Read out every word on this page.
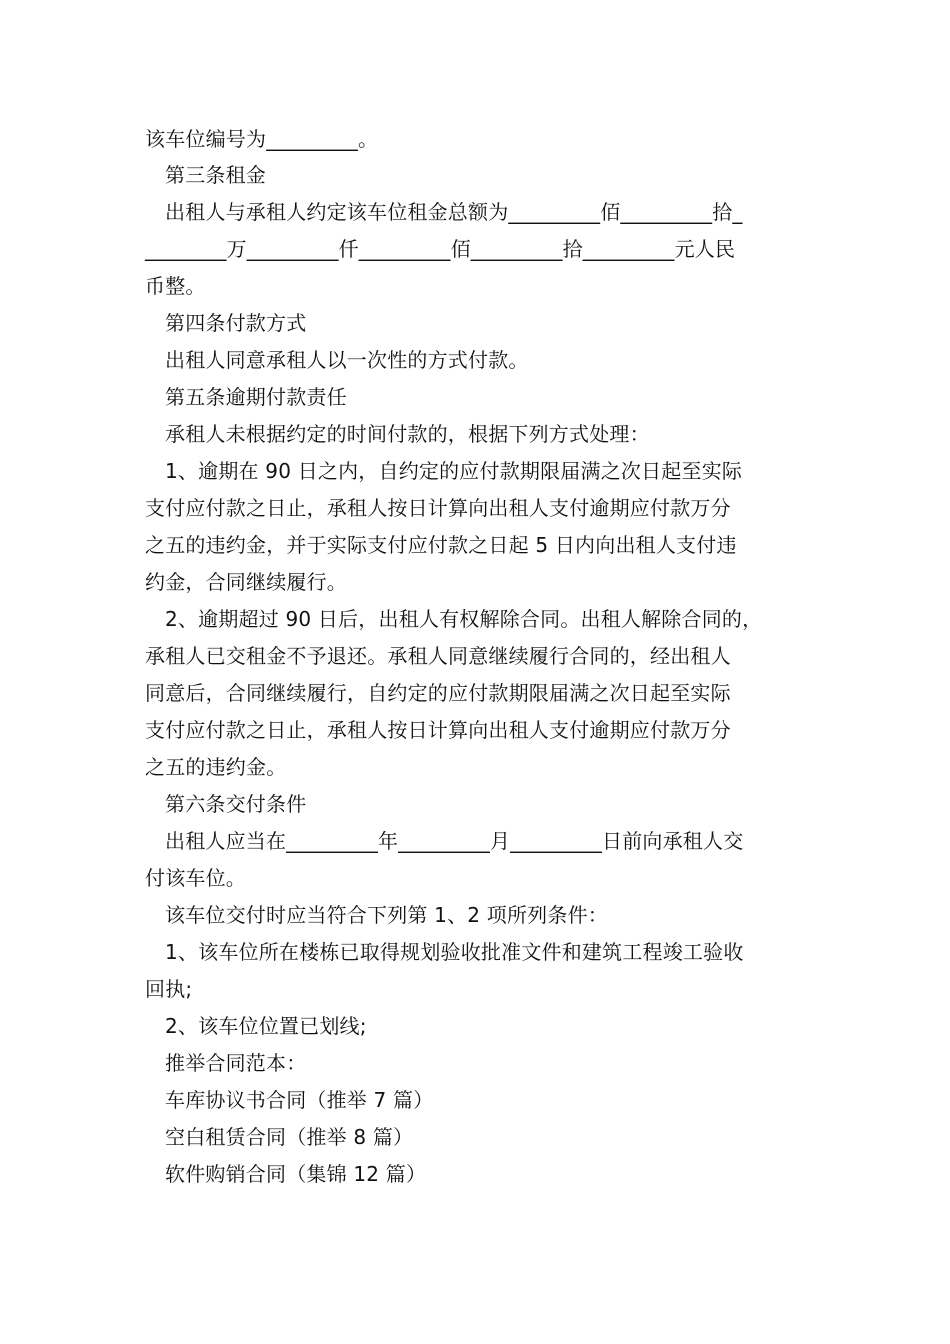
该车位编号为_________。
第三条租金
出租人与承租人约定该车位租金总额为_________佰_________拾_
________万_________仟_________佰_________拾_________元人民
币整。
第四条付款方式
出租人同意承租人以一次性的方式付款。
第五条逾期付款责任
承租人未根据约定的时间付款的，根据下列方式处理：
1、逾期在 90 日之内，自约定的应付款期限届满之次日起至实际
支付应付款之日止，承租人按日计算向出租人支付逾期应付款万分
之五的违约金，并于实际支付应付款之日起 5 日内向出租人支付违
约金，合同继续履行。
2、逾期超过 90 日后，出租人有权解除合同。出租人解除合同的，
承租人已交租金不予退还。承租人同意继续履行合同的，经出租人
同意后，合同继续履行，自约定的应付款期限届满之次日起至实际
支付应付款之日止，承租人按日计算向出租人支付逾期应付款万分
之五的违约金。
第六条交付条件
出租人应当在_________年_________月_________日前向承租人交
付该车位。
该车位交付时应当符合下列第 1、2 项所列条件：
1、该车位所在楼栋已取得规划验收批准文件和建筑工程竣工验收
回执;
2、该车位位置已划线;
推举合同范本：
车库协议书合同（推举 7 篇）
空白租赁合同（推举 8 篇）
软件购销合同（集锦 12 篇）
